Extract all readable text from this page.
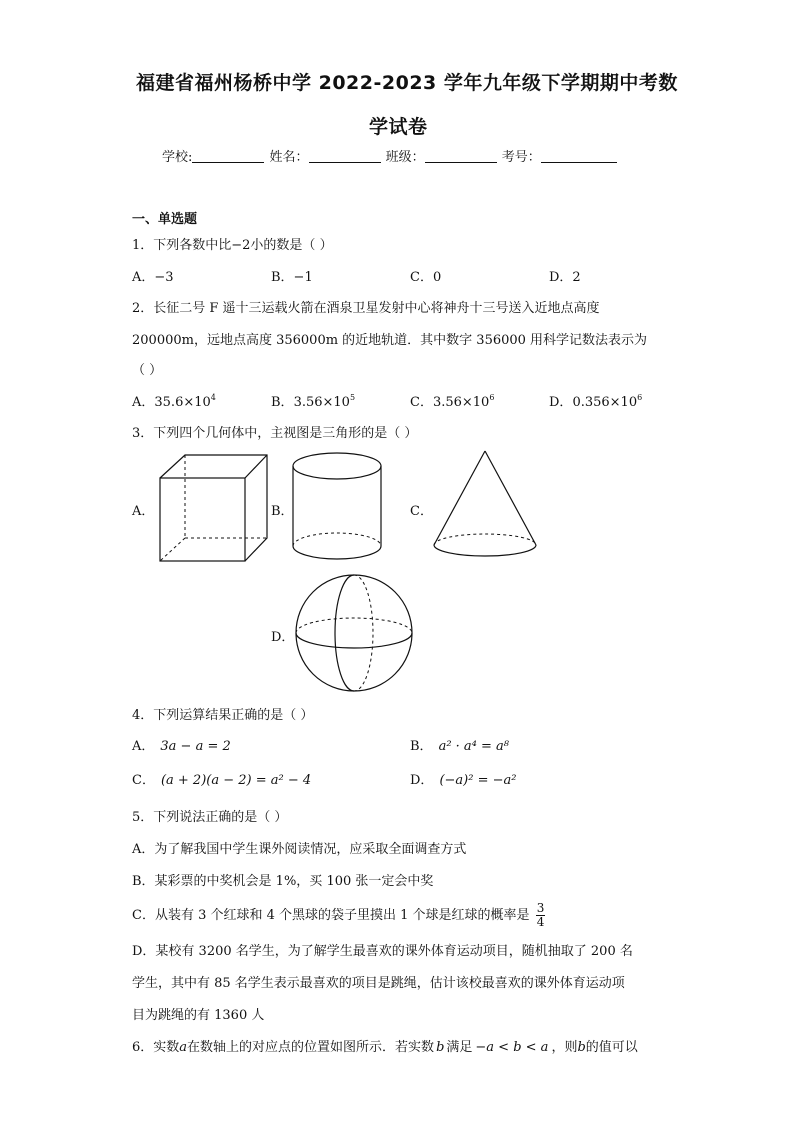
福建省福州杨桥中学 2022-2023 学年九年级下学期期中考数
学试卷
学校:	姓名：	班级：	考号：
一、单选题
1．下列各数中比−2小的数是（ ）
A．−3	B．−1	C．0	D．2
2．长征二号 F 遥十三运载火箭在酒泉卫星发射中心将神舟十三号送入近地点高度
200000m，远地点高度 356000m 的近地轨道．其中数字 356000 用科学记数法表示为
（ ）
A．$35.6\times 10^4$	B．$3.56\times 10^5$	C．$3.56\times 10^6$	D．$0.356\times 10^6$
3．下列四个几何体中，主视图是三角形的是（ ）
A．	B．	C．
D．
4．下列运算结果正确的是（ ）
A． 3a − a = 2	B． a² · a⁴ = a⁸
C． (a + 2)(a − 2) = a² − 4	D． (−a)² = −a²
5．下列说法正确的是（ ）
A．为了解我国中学生课外阅读情况，应采取全面调查方式
B．某彩票的中奖机会是 1%，买 100 张一定会中奖
C．从装有 3 个红球和 4 个黑球的袋子里摸出 1 个球是红球的概率是 $\frac{3}{4}$
D．某校有 3200 名学生，为了解学生最喜欢的课外体育运动项目，随机抽取了 200 名
学生，其中有 85 名学生表示最喜欢的项目是跳绳，估计该校最喜欢的课外体育运动项
目为跳绳的有 1360 人
6．实数a在数轴上的对应点的位置如图所示．若实数 b 满足 −a < b < a ，则b的值可以
